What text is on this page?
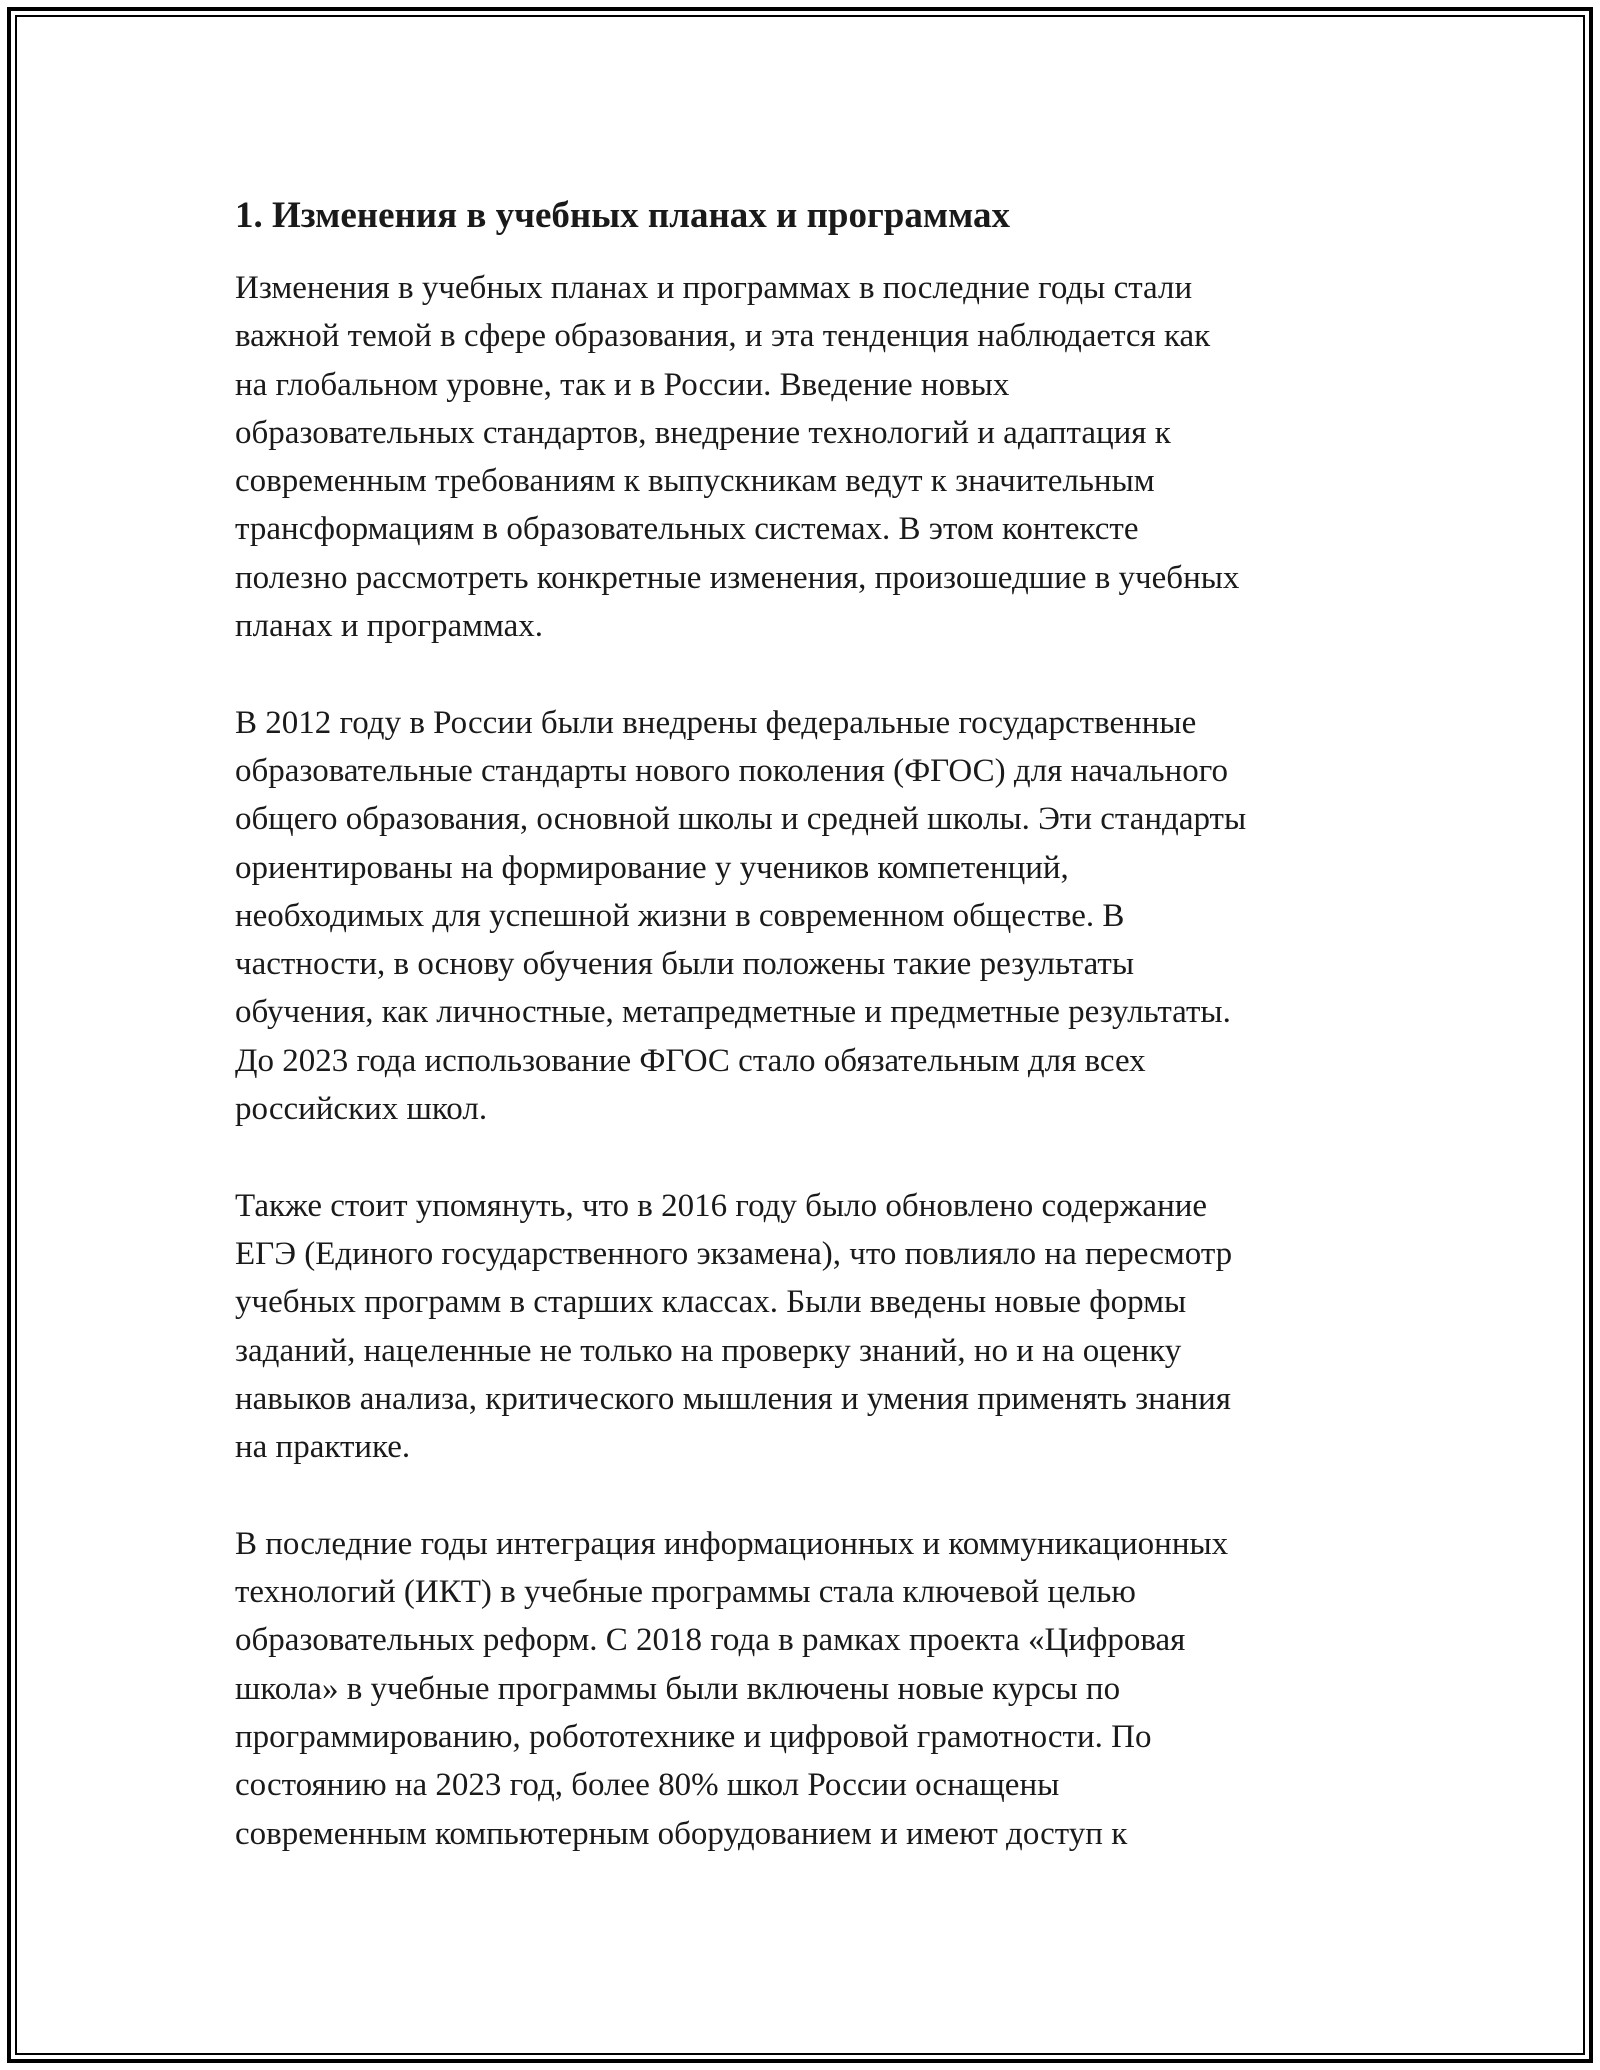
1. Изменения в учебных планах и программах
Изменения в учебных планах и программах в последние годы стали
важной темой в сфере образования, и эта тенденция наблюдается как
на глобальном уровне, так и в России. Введение новых
образовательных стандартов, внедрение технологий и адаптация к
современным требованиям к выпускникам ведут к значительным
трансформациям в образовательных системах. В этом контексте
полезно рассмотреть конкретные изменения, произошедшие в учебных
планах и программах.
В 2012 году в России были внедрены федеральные государственные
образовательные стандарты нового поколения (ФГОС) для начального
общего образования, основной школы и средней школы. Эти стандарты
ориентированы на формирование у учеников компетенций,
необходимых для успешной жизни в современном обществе. В
частности, в основу обучения были положены такие результаты
обучения, как личностные, метапредметные и предметные результаты.
До 2023 года использование ФГОС стало обязательным для всех
российских школ.
Также стоит упомянуть, что в 2016 году было обновлено содержание
ЕГЭ (Единого государственного экзамена), что повлияло на пересмотр
учебных программ в старших классах. Были введены новые формы
заданий, нацеленные не только на проверку знаний, но и на оценку
навыков анализа, критического мышления и умения применять знания
на практике.
В последние годы интеграция информационных и коммуникационных
технологий (ИКТ) в учебные программы стала ключевой целью
образовательных реформ. С 2018 года в рамках проекта «Цифровая
школа» в учебные программы были включены новые курсы по
программированию, робототехнике и цифровой грамотности. По
состоянию на 2023 год, более 80% школ России оснащены
современным компьютерным оборудованием и имеют доступ к
